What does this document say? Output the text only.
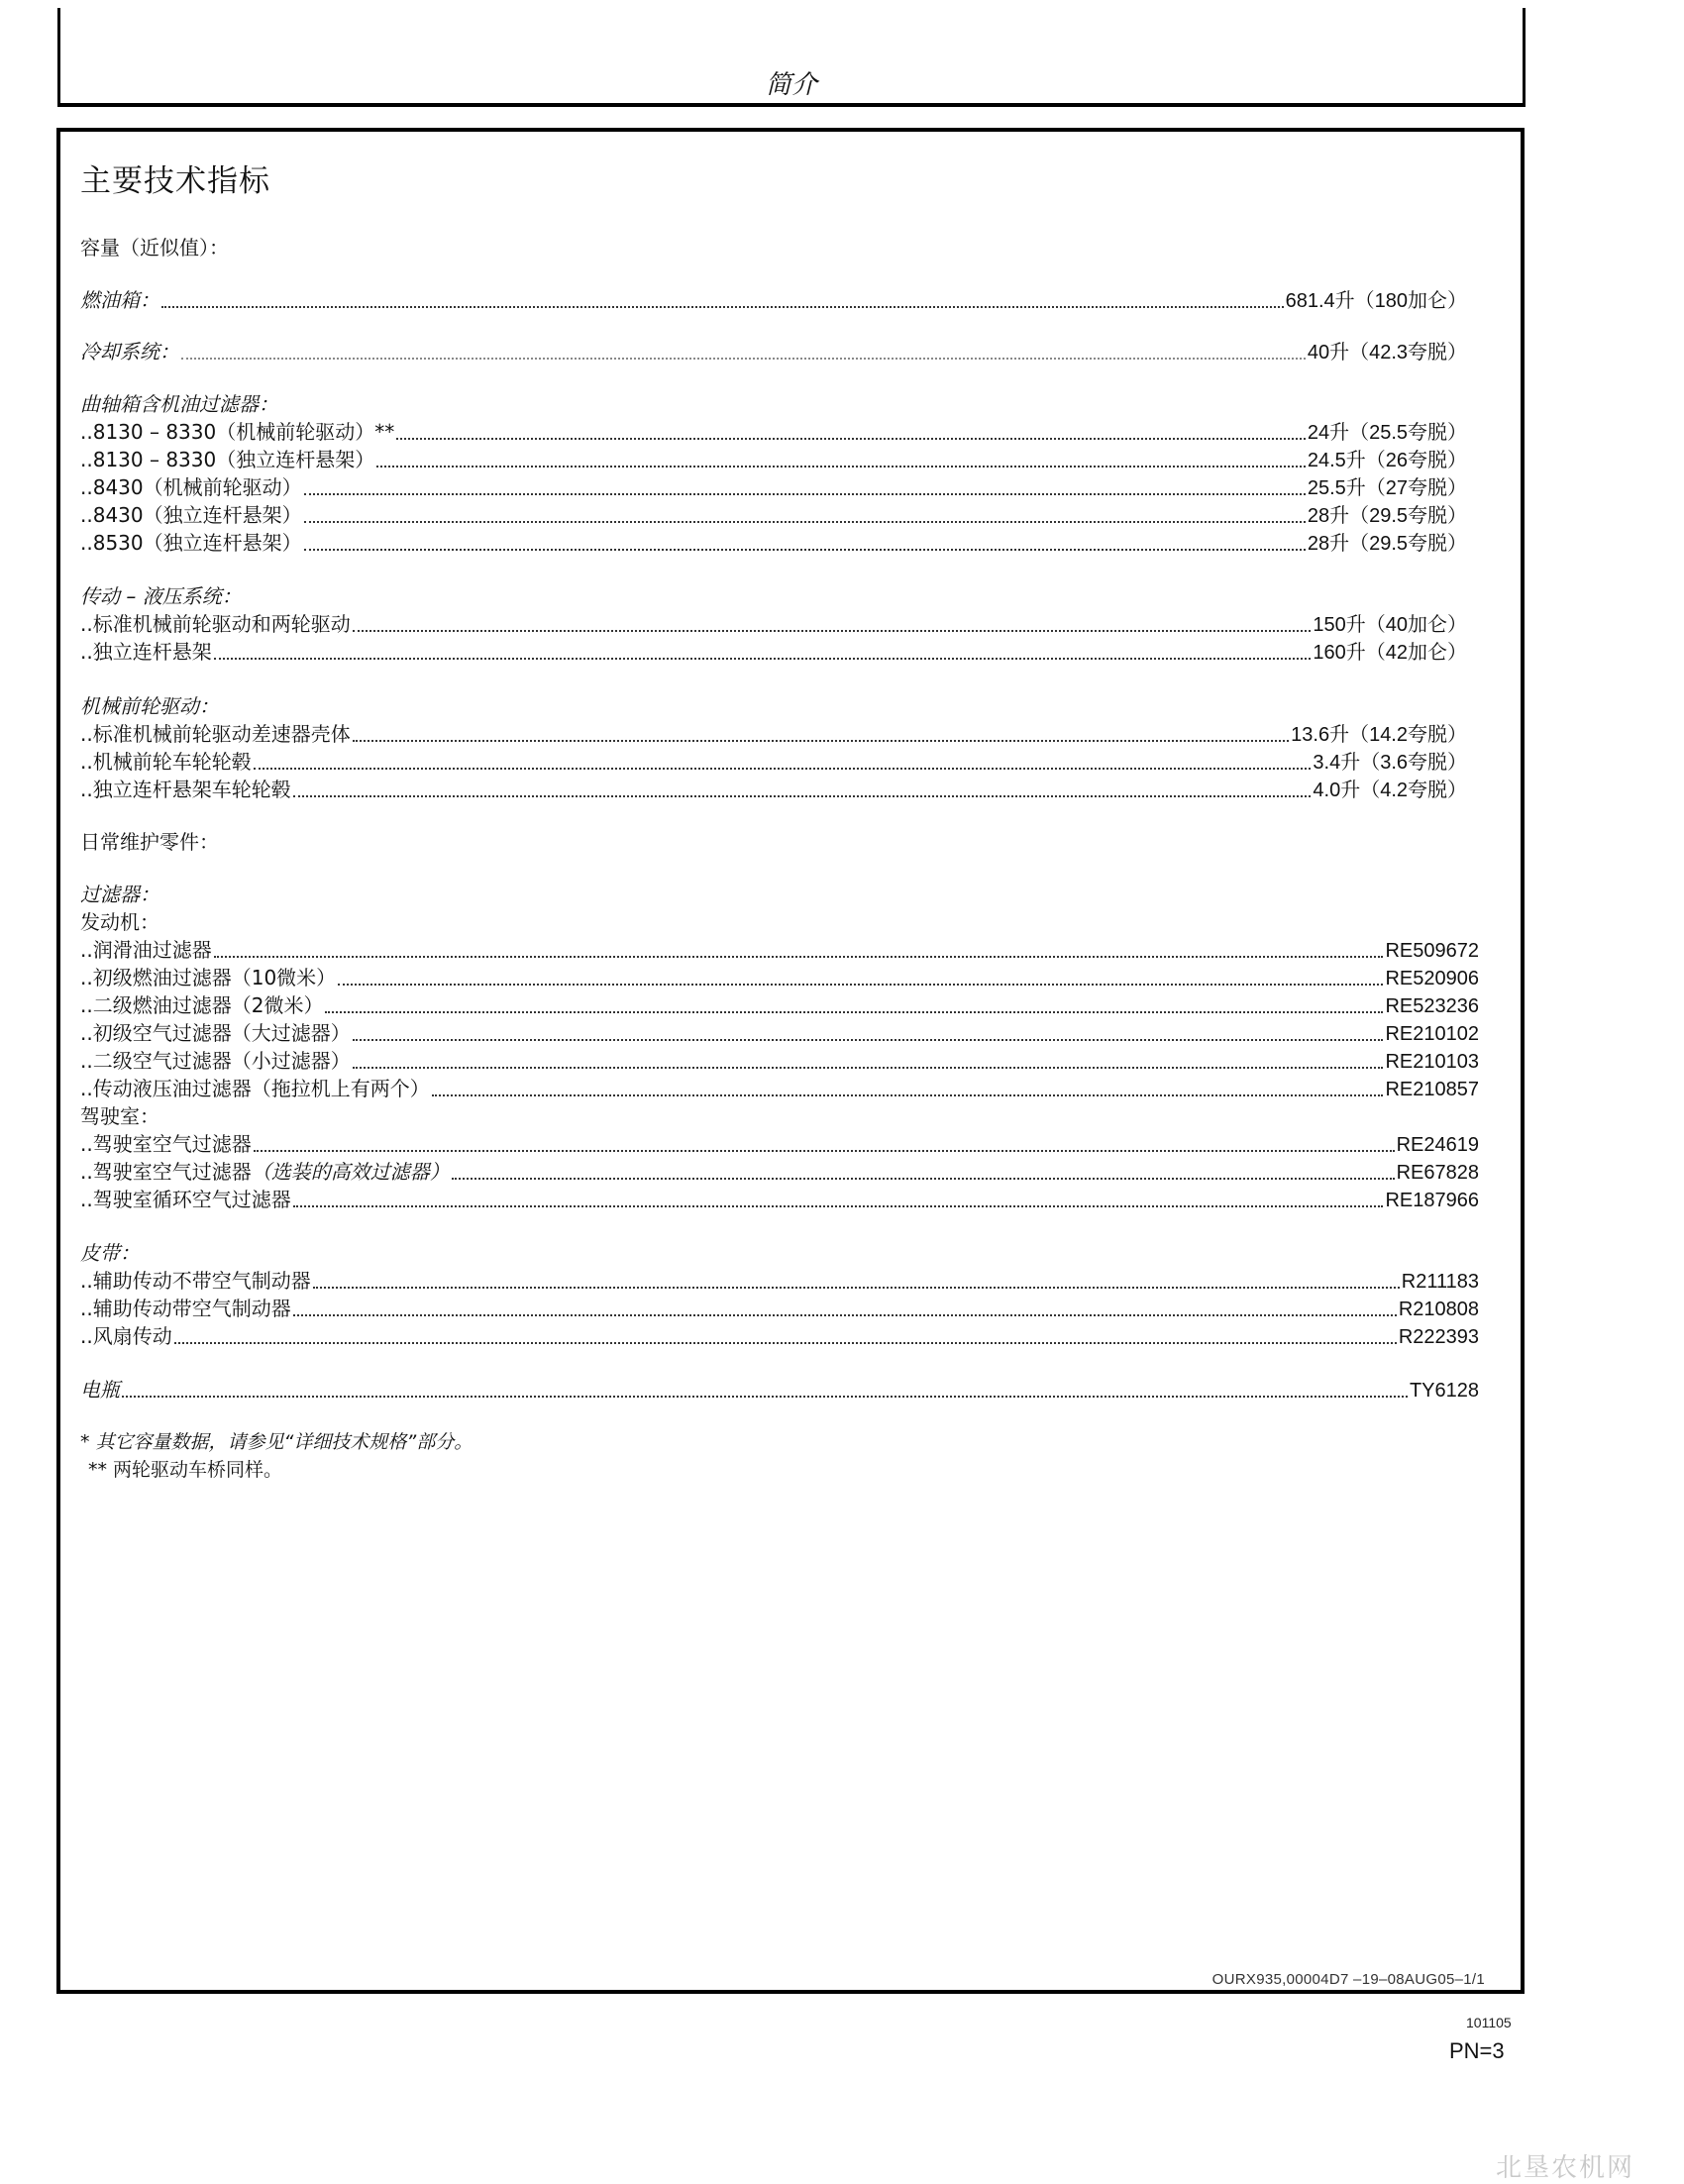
简介
主要技术指标
容量（近似值）：
燃油箱：	681.4升（180加仑）
冷却系统：	40升（42.3夸脱）
曲轴箱含机油过滤器：
..8130 – 8330（机械前轮驱动）**	24升（25.5夸脱）
..8130 – 8330（独立连杆悬架）	24.5升（26夸脱）
..8430（机械前轮驱动）	25.5升（27夸脱）
..8430（独立连杆悬架）	28升（29.5夸脱）
..8530（独立连杆悬架）	28升（29.5夸脱）
传动 – 液压系统：
..标准机械前轮驱动和两轮驱动	150升（40加仑）
..独立连杆悬架	160升（42加仑）
机械前轮驱动：
..标准机械前轮驱动差速器壳体	13.6升（14.2夸脱）
..机械前轮车轮轮毂	3.4升（3.6夸脱）
..独立连杆悬架车轮轮毂	4.0升（4.2夸脱）
日常维护零件：
过滤器：
发动机：
..润滑油过滤器	RE509672
..初级燃油过滤器（10微米）	RE520906
..二级燃油过滤器（2微米）	RE523236
..初级空气过滤器（大过滤器）	RE210102
..二级空气过滤器（小过滤器）	RE210103
..传动液压油过滤器（拖拉机上有两个）	RE210857
驾驶室：
..驾驶室空气过滤器	RE24619
..驾驶室空气过滤器 （选装的高效过滤器）	RE67828
..驾驶室循环空气过滤器	RE187966
皮带：
..辅助传动不带空气制动器	R211183
..辅助传动带空气制动器	R210808
..风扇传动	R222393
电瓶	TY6128
* 其它容量数据，请参见“详细技术规格”部分。
** 两轮驱动车桥同样。
OURX935,00004D7 –19–08AUG05–1/1
101105
PN=3
北垦农机网
